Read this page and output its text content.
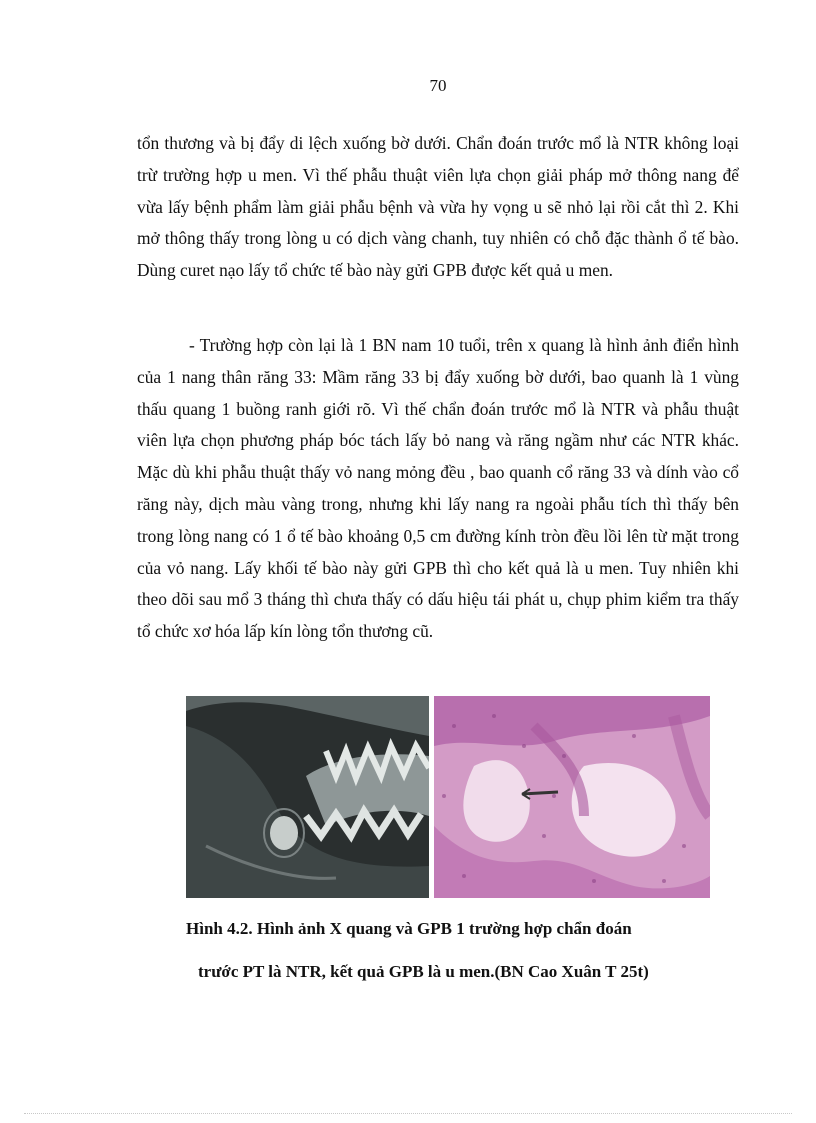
70

tổn thương và bị đẩy di lệch xuống bờ dưới. Chẩn đoán trước mổ là NTR không loại trừ trường hợp u men. Vì thế phẫu thuật viên lựa chọn giải pháp mở thông nang để vừa lấy bệnh phẩm làm giải phẫu bệnh và vừa hy vọng u sẽ nhỏ lại rồi cắt thì 2. Khi mở thông thấy trong lòng u có dịch vàng chanh, tuy nhiên có chỗ đặc thành ổ tế bào. Dùng curet nạo lấy tổ chức tế bào này gửi GPB được kết quả u men.

- Trường hợp còn lại là 1 BN nam 10 tuổi, trên x quang là hình ảnh điển hình của 1 nang thân răng 33: Mầm răng 33 bị đẩy xuống bờ dưới, bao quanh là 1 vùng thấu quang 1 buồng ranh giới rõ. Vì thế chẩn đoán trước mổ là NTR và phẫu thuật viên lựa chọn phương pháp bóc tách lấy bỏ nang và răng ngầm như các NTR khác. Mặc dù khi phẫu thuật thấy vỏ nang mỏng đều , bao quanh cổ răng 33 và dính vào cổ răng này, dịch màu vàng trong, nhưng khi lấy nang ra ngoài phẫu tích thì thấy bên trong lòng nang có 1 ổ tế bào khoảng 0,5 cm đường kính tròn đều lồi lên từ mặt trong của vỏ nang. Lấy khối tế bào này gửi GPB thì cho kết quả là u men. Tuy nhiên khi theo dõi sau mổ 3 tháng thì chưa thấy có dấu hiệu tái phát u, chụp phim kiểm tra thấy tổ chức xơ hóa lấp kín lòng tổn thương cũ.

Hình 4.2. Hình ảnh X quang và GPB 1 trường hợp chẩn đoán
trước PT là NTR, kết quả GPB là u men.(BN Cao Xuân T 25t)
